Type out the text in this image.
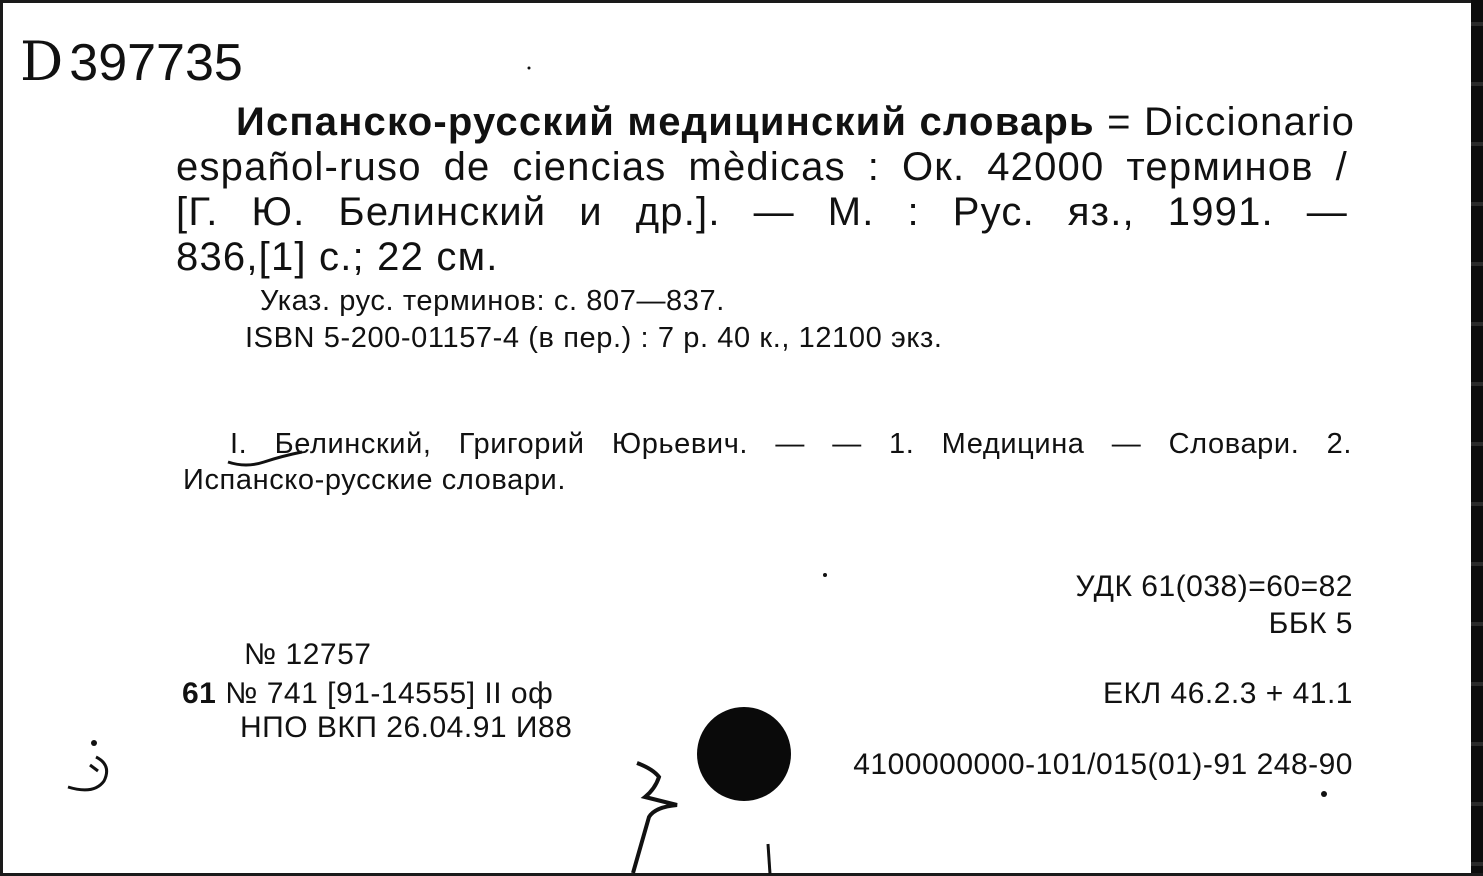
D 397735
Испанско-русский медицинский словарь = Diccionario
español-ruso de ciencias mèdicas : Ок. 42000 терминов /
[Г. Ю. Белинский и др.]. — М. : Рус. яз., 1991. —
836,[1] с.; 22 см.
Указ. рус. терминов: с. 807—837.
ISBN 5-200-01157-4 (в пер.) : 7 р. 40 к., 12100 экз.
I. Белинский, Григорий Юрьевич. — — 1. Медицина — Словари. 2.
Испанско-русские словари.
УДК 61(038)=60=82
ББК 5
ЕКЛ 46.2.3 + 41.1
4100000000-101/015(01)-91 248-90
№ 12757
61 № 741 [91-14555] II оф
НПО ВКП 26.04.91 И88
